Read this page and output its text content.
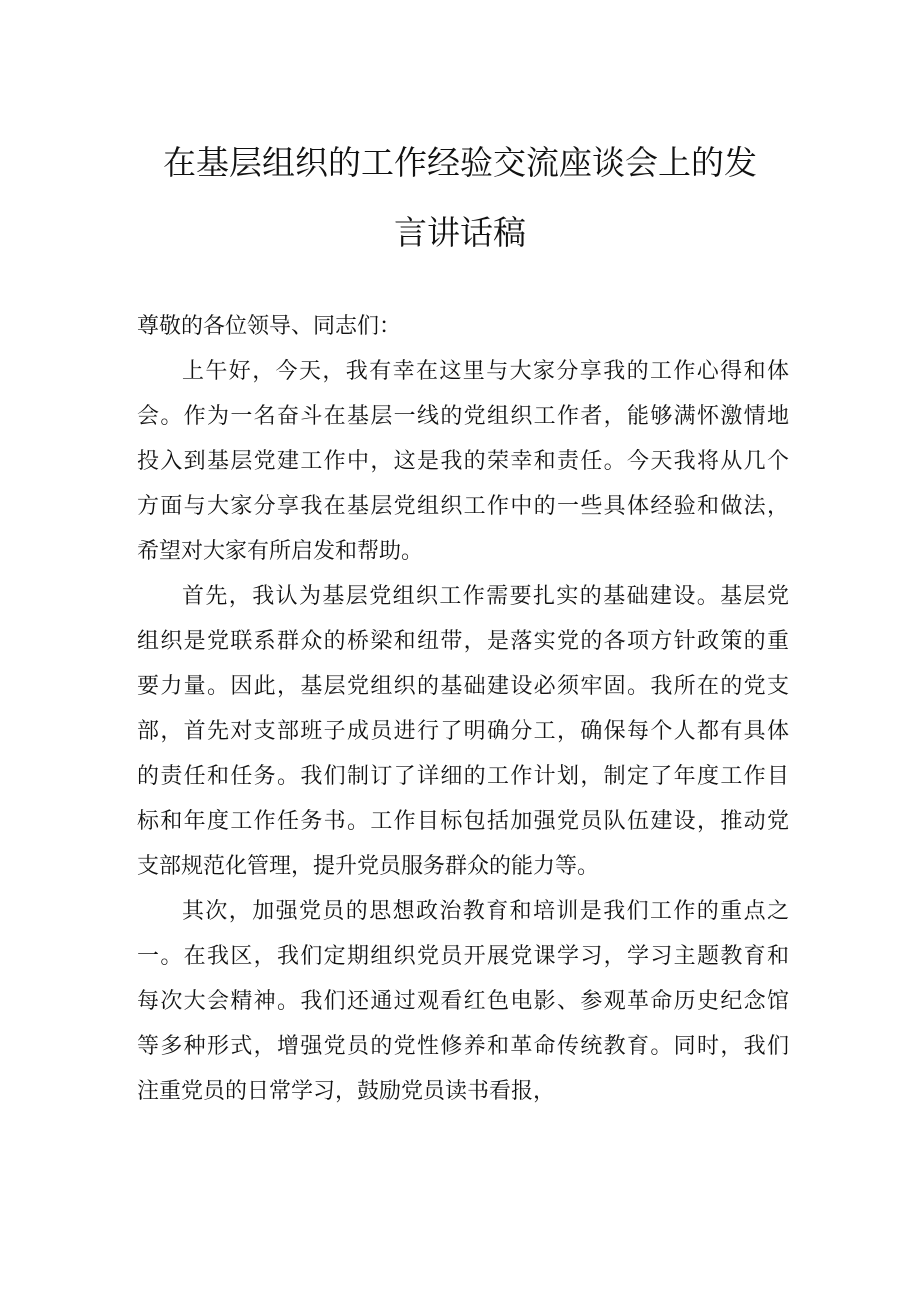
在基层组织的工作经验交流座谈会上的发
言讲话稿
尊敬的各位领导、同志们：
上午好，今天，我有幸在这里与大家分享我的工作心得和体
会。作为一名奋斗在基层一线的党组织工作者，能够满怀激情地
投入到基层党建工作中，这是我的荣幸和责任。今天我将从几个
方面与大家分享我在基层党组织工作中的一些具体经验和做法，
希望对大家有所启发和帮助。
首先，我认为基层党组织工作需要扎实的基础建设。基层党
组织是党联系群众的桥梁和纽带，是落实党的各项方针政策的重
要力量。因此，基层党组织的基础建设必须牢固。我所在的党支
部，首先对支部班子成员进行了明确分工，确保每个人都有具体
的责任和任务。我们制订了详细的工作计划，制定了年度工作目
标和年度工作任务书。工作目标包括加强党员队伍建设，推动党
支部规范化管理，提升党员服务群众的能力等。
其次，加强党员的思想政治教育和培训是我们工作的重点之
一。在我区，我们定期组织党员开展党课学习，学习主题教育和
每次大会精神。我们还通过观看红色电影、参观革命历史纪念馆
等多种形式，增强党员的党性修养和革命传统教育。同时，我们
注重党员的日常学习，鼓励党员读书看报，
